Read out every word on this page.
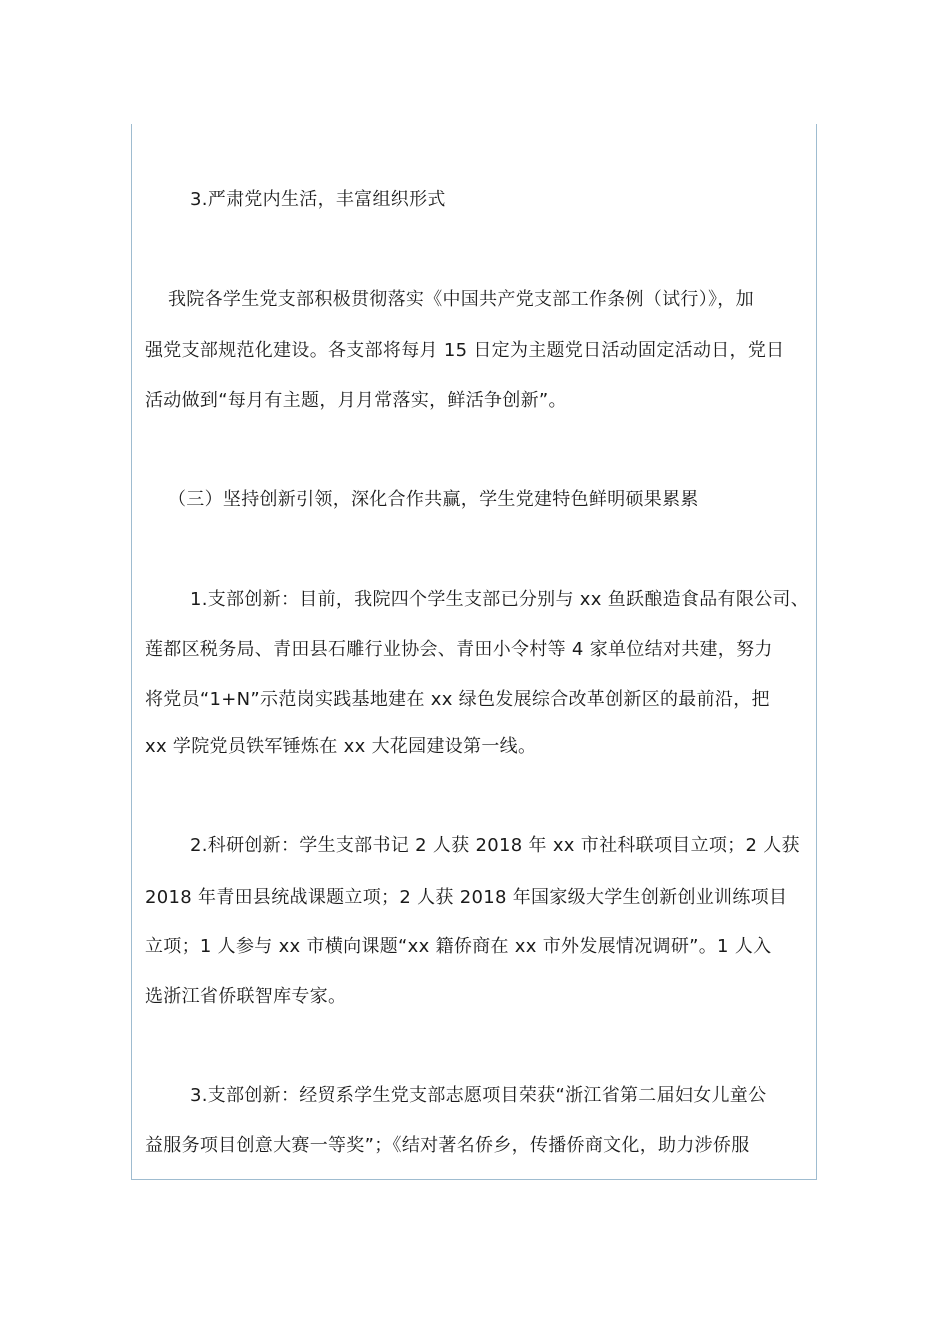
3.严肃党内生活，丰富组织形式

我院各学生党支部积极贯彻落实《中国共产党支部工作条例（试行）》，加

强党支部规范化建设。各支部将每月 15 日定为主题党日活动固定活动日，党日

活动做到“每月有主题，月月常落实，鲜活争创新”。

（三）坚持创新引领，深化合作共赢，学生党建特色鲜明硕果累累

1.支部创新：目前，我院四个学生支部已分别与 xx 鱼跃酿造食品有限公司、

莲都区税务局、青田县石雕行业协会、青田小令村等 4 家单位结对共建，努力

将党员“1+N”示范岗实践基地建在 xx 绿色发展综合改革创新区的最前沿，把

xx 学院党员铁军锤炼在 xx 大花园建设第一线。

2.科研创新：学生支部书记 2 人获 2018 年 xx 市社科联项目立项；2 人获

2018 年青田县统战课题立项；2 人获 2018 年国家级大学生创新创业训练项目

立项；1 人参与 xx 市横向课题“xx 籍侨商在 xx 市外发展情况调研”。1 人入

选浙江省侨联智库专家。

3.支部创新：经贸系学生党支部志愿项目荣获“浙江省第二届妇女儿童公

益服务项目创意大赛一等奖”；《结对著名侨乡，传播侨商文化，助力涉侨服
